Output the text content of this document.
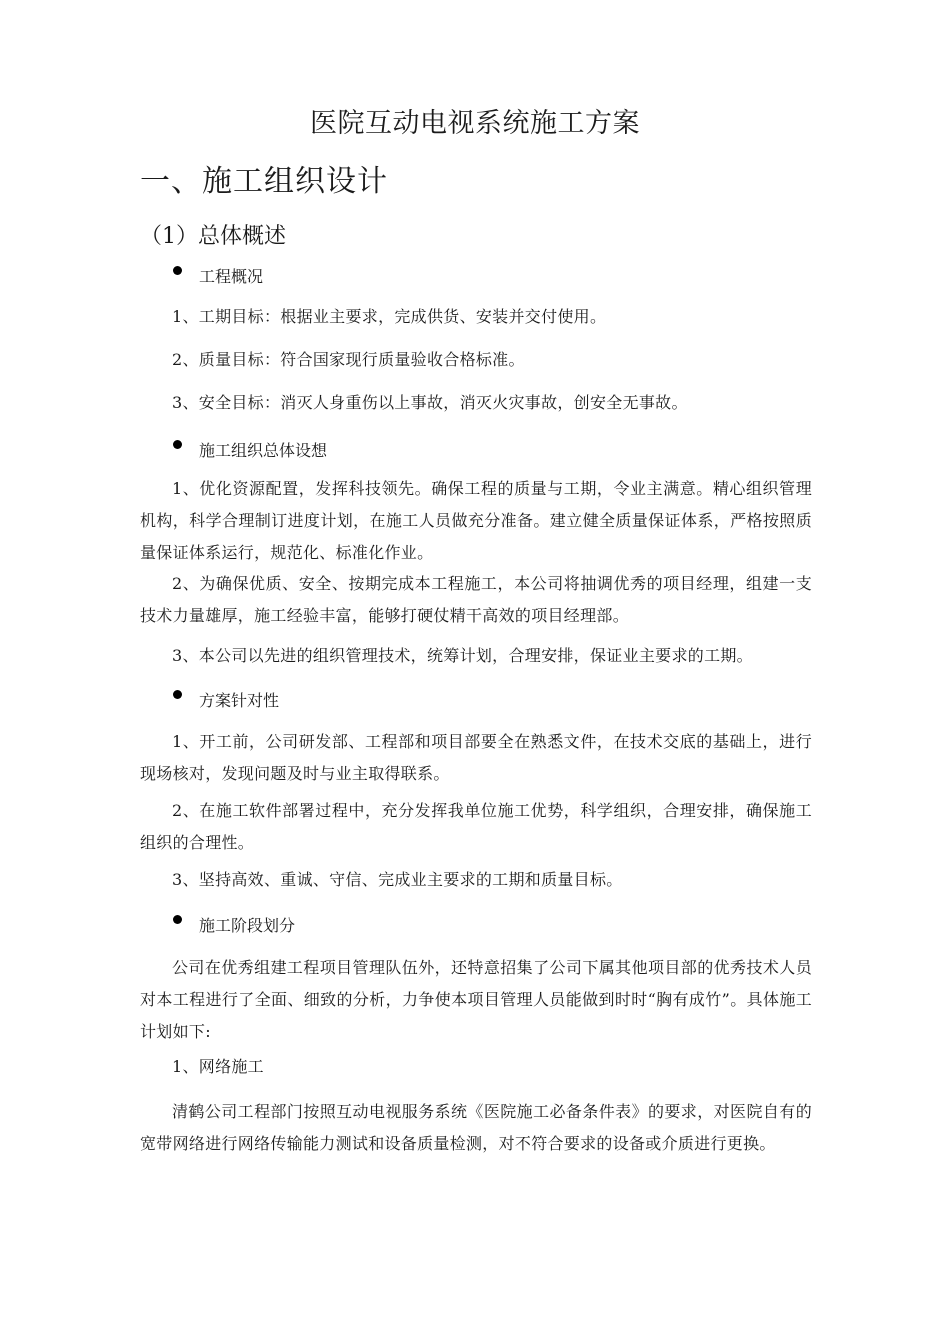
医院互动电视系统施工方案
一、施工组织设计
（1）总体概述
工程概况
1、工期目标：根据业主要求，完成供货、安装并交付使用。
2、质量目标：符合国家现行质量验收合格标准。
3、安全目标：消灭人身重伤以上事故，消灭火灾事故，创安全无事故。
施工组织总体设想
1、优化资源配置，发挥科技领先。确保工程的质量与工期，令业主满意。精心组织管理机构，科学合理制订进度计划，在施工人员做充分准备。建立健全质量保证体系，严格按照质量保证体系运行，规范化、标准化作业。
2、为确保优质、安全、按期完成本工程施工，本公司将抽调优秀的项目经理，组建一支技术力量雄厚，施工经验丰富，能够打硬仗精干高效的项目经理部。
3、本公司以先进的组织管理技术，统筹计划，合理安排，保证业主要求的工期。
方案针对性
1、开工前，公司研发部、工程部和项目部要全在熟悉文件，在技术交底的基础上，进行现场核对，发现问题及时与业主取得联系。
2、在施工软件部署过程中，充分发挥我单位施工优势，科学组织，合理安排，确保施工组织的合理性。
3、坚持高效、重诚、守信、完成业主要求的工期和质量目标。
施工阶段划分
公司在优秀组建工程项目管理队伍外，还特意招集了公司下属其他项目部的优秀技术人员对本工程进行了全面、细致的分析，力争使本项目管理人员能做到时时“胸有成竹”。具体施工计划如下:
1、网络施工
清鹤公司工程部门按照互动电视服务系统《医院施工必备条件表》的要求，对医院自有的宽带网络进行网络传输能力测试和设备质量检测，对不符合要求的设备或介质进行更换。
